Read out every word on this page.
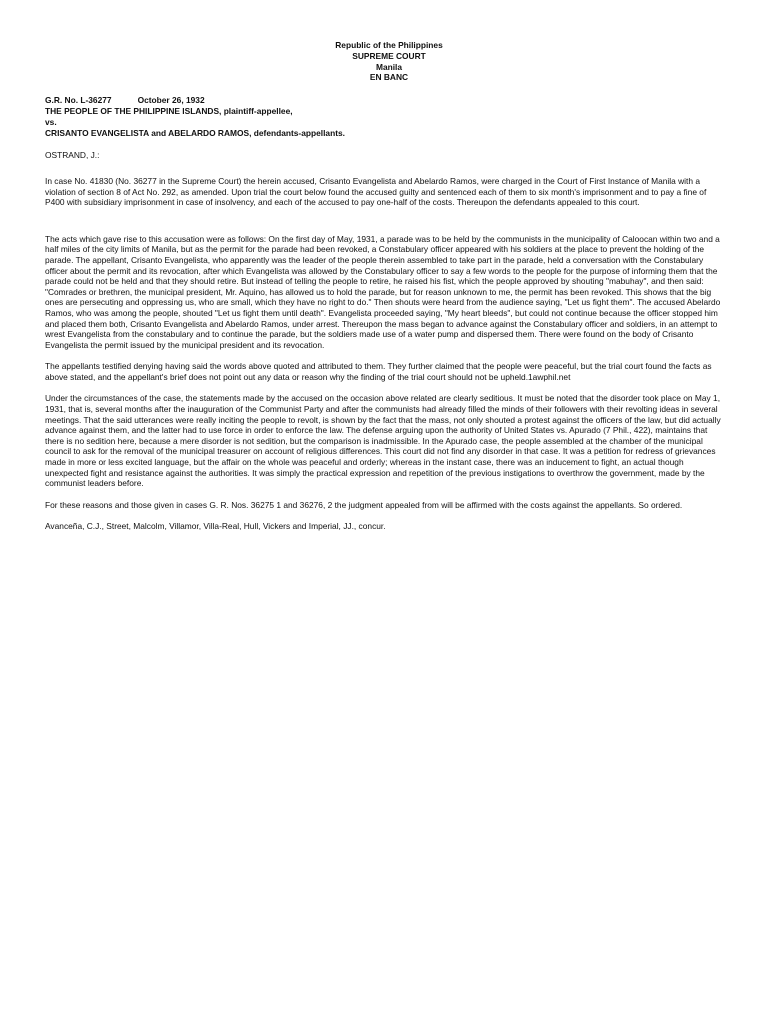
Republic of the Philippines
SUPREME COURT
Manila
EN BANC
G.R. No. L-36277	October 26, 1932
THE PEOPLE OF THE PHILIPPINE ISLANDS, plaintiff-appellee,
vs.
CRISANTO EVANGELISTA and ABELARDO RAMOS, defendants-appellants.
OSTRAND, J.:

In case No. 41830 (No. 36277 in the Supreme Court) the herein accused, Crisanto Evangelista and Abelardo Ramos, were charged in the Court of First Instance of Manila with a violation of section 8 of Act No. 292, as amended. Upon trial the court below found the accused guilty and sentenced each of them to six month's imprisonment and to pay a fine of P400 with subsidiary imprisonment in case of insolvency, and each of the accused to pay one-half of the costs. Thereupon the defendants appealed to this court.

The acts which gave rise to this accusation were as follows: On the first day of May, 1931, a parade was to be held by the communists in the municipality of Caloocan within two and a half miles of the city limits of Manila, but as the permit for the parade had been revoked, a Constabulary officer appeared with his soldiers at the place to prevent the holding of the parade. The appellant, Crisanto Evangelista, who apparently was the leader of the people therein assembled to take part in the parade, held a conversation with the Constabulary officer about the permit and its revocation, after which Evangelista was allowed by the Constabulary officer to say a few words to the people for the purpose of informing them that the parade could not be held and that they should retire. But instead of telling the people to retire, he raised his fist, which the people approved by shouting "mabuhay", and then said: "Comrades or brethren, the municipal president, Mr. Aquino, has allowed us to hold the parade, but for reason unknown to me, the permit has been revoked. This shows that the big ones are persecuting and oppressing us, who are small, which they have no right to do." Then shouts were heard from the audience saying, "Let us fight them". The accused Abelardo Ramos, who was among the people, shouted "Let us fight them until death". Evangelista proceeded saying, "My heart bleeds", but could not continue because the officer stopped him and placed them both, Crisanto Evangelista and Abelardo Ramos, under arrest. Thereupon the mass began to advance against the Constabulary officer and soldiers, in an attempt to wrest Evangelista from the constabulary and to continue the parade, but the soldiers made use of a water pump and dispersed them. There were found on the body of Crisanto Evangelista the permit issued by the municipal president and its revocation.

The appellants testified denying having said the words above quoted and attributed to them. They further claimed that the people were peaceful, but the trial court found the facts as above stated, and the appellant's brief does not point out any data or reason why the finding of the trial court should not be upheld.1awphil.net

Under the circumstances of the case, the statements made by the accused on the occasion above related are clearly seditious. It must be noted that the disorder took place on May 1, 1931, that is, several months after the inauguration of the Communist Party and after the communists had already filled the minds of their followers with their revolting ideas in several meetings. That the said utterances were really inciting the people to revolt, is shown by the fact that the mass, not only shouted a protest against the officers of the law, but did actually advance against them, and the latter had to use force in order to enforce the law. The defense arguing upon the authority of United States vs. Apurado (7 Phil., 422), maintains that there is no sedition here, because a mere disorder is not sedition, but the comparison is inadmissible. In the Apurado case, the people assembled at the chamber of the municipal council to ask for the removal of the municipal treasurer on account of religious differences. This court did not find any disorder in that case. It was a petition for redress of grievances made in more or less excited language, but the affair on the whole was peaceful and orderly; whereas in the instant case, there was an inducement to fight, an actual though unexpected fight and resistance against the authorities. It was simply the practical expression and repetition of the previous instigations to overthrow the government, made by the communist leaders before.

For these reasons and those given in cases G. R. Nos. 36275 1 and 36276, 2 the judgment appealed from will be affirmed with the costs against the appellants. So ordered.

Avanceña, C.J., Street, Malcolm, Villamor, Villa-Real, Hull, Vickers and Imperial, JJ., concur.
